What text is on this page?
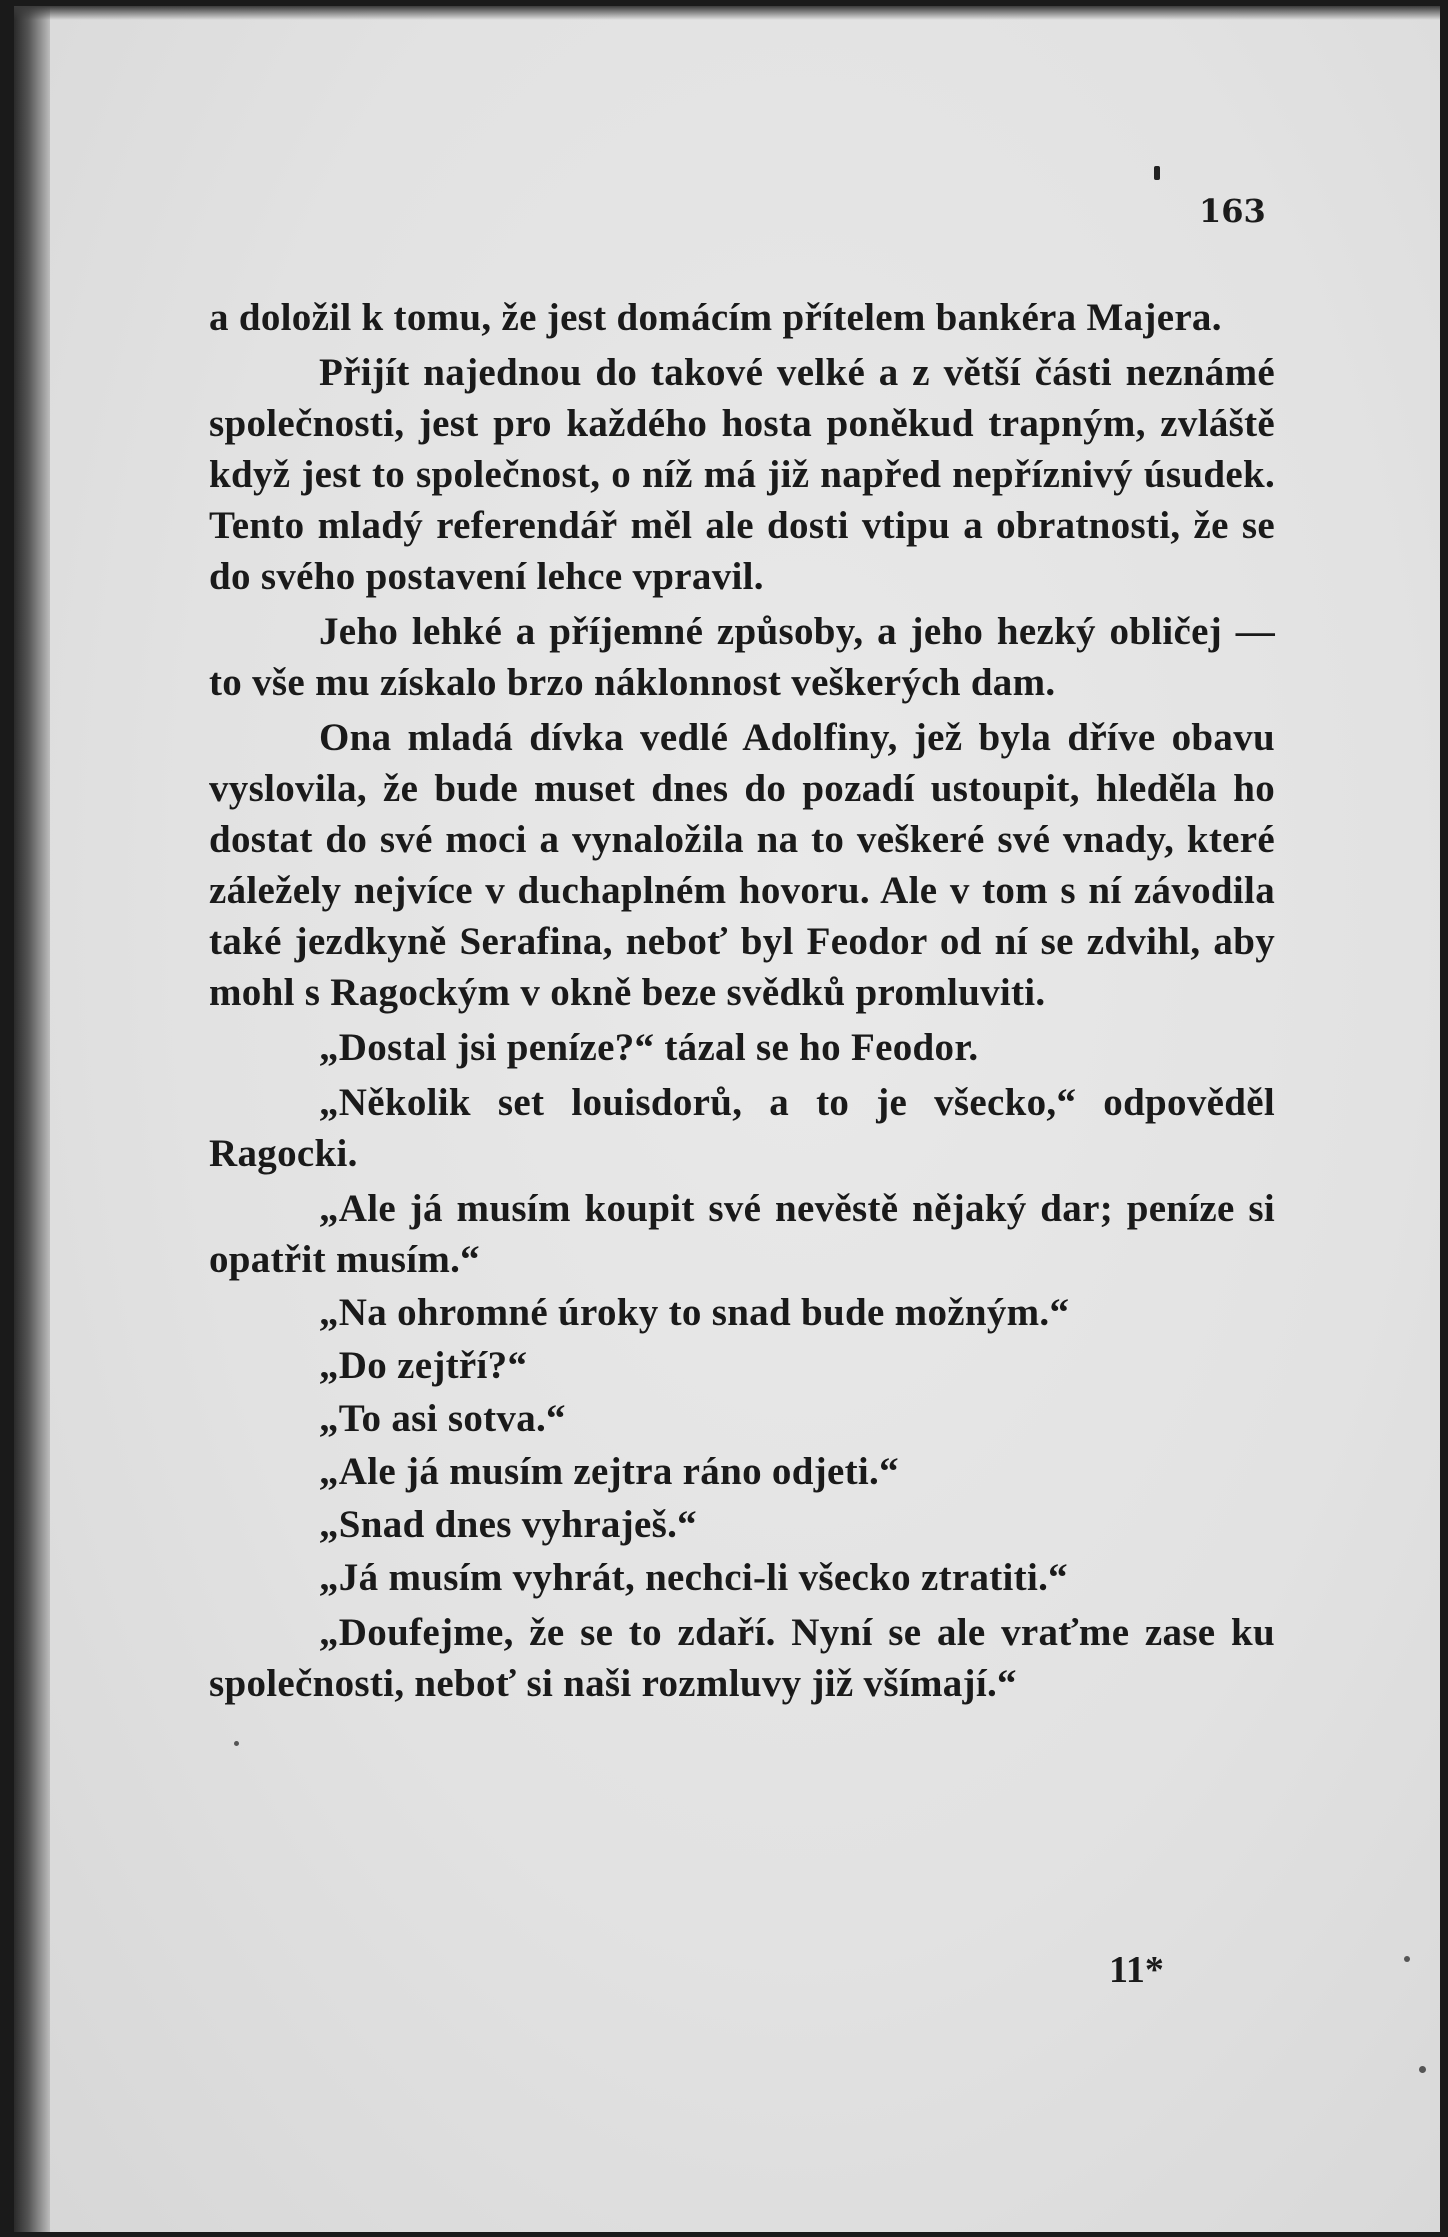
163

a doložil k tomu, že jest domácím přítelem bankéra Majera.

Přijít najednou do takové velké a z větší části neznámé společnosti, jest pro každého hosta poněkud trapným, zvláště když jest to společnost, o níž má již napřed nepříznivý úsudek. Tento mladý referendář měl ale dosti vtipu a obratnosti, že se do svého postavení lehce vpravil.

Jeho lehké a příjemné způsoby, a jeho hezký obličej — to vše mu získalo brzo náklonnost veškerých dam.

Ona mladá dívka vedlé Adolfiny, jež byla dříve obavu vyslovila, že bude muset dnes do pozadí ustoupit, hleděla ho dostat do své moci a vynaložila na to veškeré své vnady, které záležely nejvíce v duchaplném hovoru. Ale v tom s ní závodila také jezdkyně Serafina, neboť byl Feodor od ní se zdvihl, aby mohl s Ragockým v okně beze svědků promluviti.

„Dostal jsi peníze?“ tázal se ho Feodor.

„Několik set louisdorů, a to je všecko,“ odpověděl Ragocki.

„Ale já musím koupit své nevěstě nějaký dar; peníze si opatřit musím.“

„Na ohromné úroky to snad bude možným.“

„Do zejtří?“

„To asi sotva.“

„Ale já musím zejtra ráno odjeti.“

„Snad dnes vyhraješ.“

„Já musím vyhrát, nechci-li všecko ztratiti.“

„Doufejme, že se to zdaří. Nyní se ale vraťme zase ku společnosti, neboť si naši rozmluvy již všímají.“

11*
